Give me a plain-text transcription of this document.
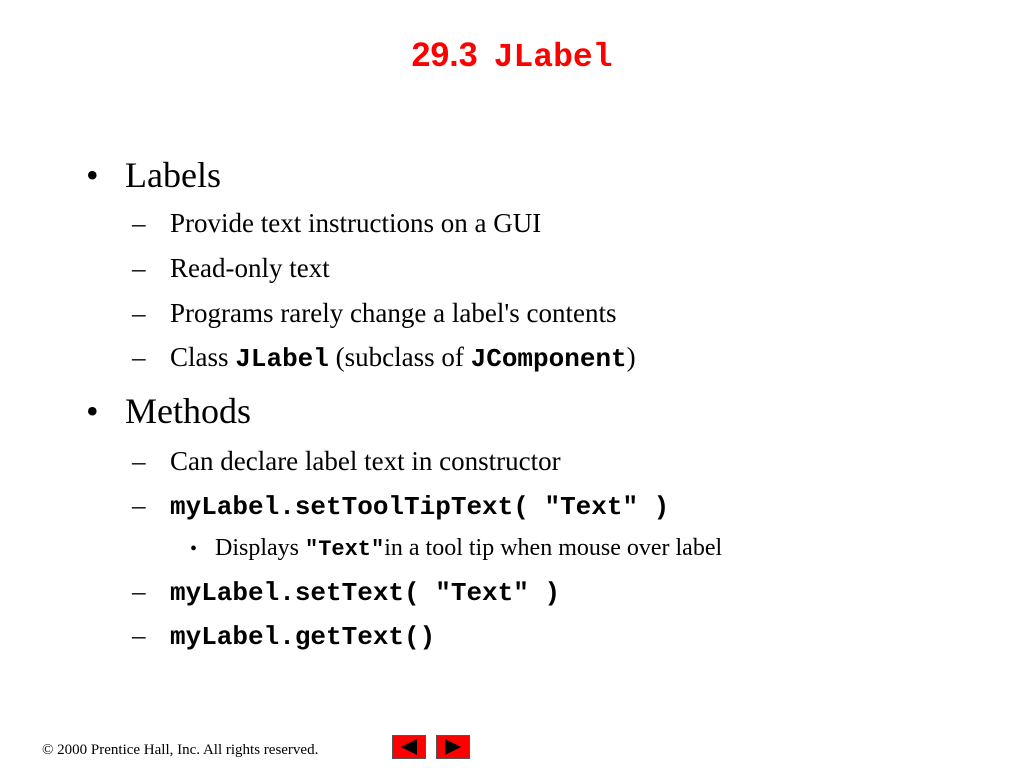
29.3 JLabel
• Labels
– Provide text instructions on a GUI
– Read-only text
– Programs rarely change a label's contents
– Class JLabel (subclass of JComponent)
• Methods
– Can declare label text in constructor
– myLabel.setToolTipText( "Text" )
• Displays "Text"in a tool tip when mouse over label
– myLabel.setText( "Text" )
– myLabel.getText()
© 2000 Prentice Hall, Inc. All rights reserved.
